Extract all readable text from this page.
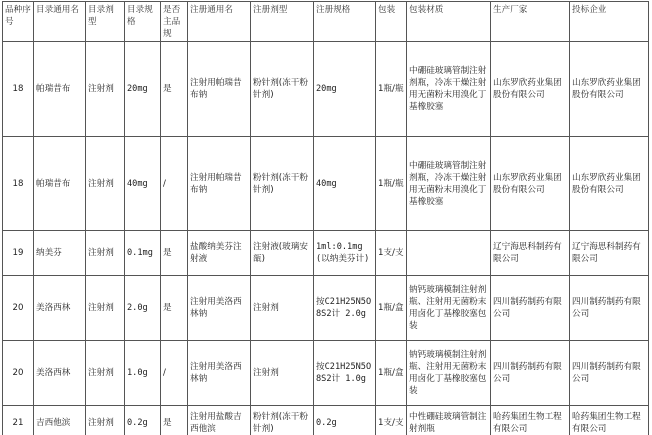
品种序号	目录通用名	目录剂型	目录规格	是否主品规	注册通用名	注册剂型	注册规格	包装	包装材质	生产厂家	投标企业
18	帕瑞昔布	注射剂	20mg	是	注射用帕瑞昔布钠	粉针剂(冻干粉针剂)	20mg	1瓶/瓶	中硼硅玻璃管制注射剂瓶，冷冻干燥注射用无菌粉末用溴化丁基橡胶塞	山东罗欣药业集团股份有限公司	山东罗欣药业集团股份有限公司
18	帕瑞昔布	注射剂	40mg	/	注射用帕瑞昔布钠	粉针剂(冻干粉针剂)	40mg	1瓶/瓶	中硼硅玻璃管制注射剂瓶，冷冻干燥注射用无菌粉末用溴化丁基橡胶塞	山东罗欣药业集团股份有限公司	山东罗欣药业集团股份有限公司
19	纳美芬	注射剂	0.1mg	是	盐酸纳美芬注射液	注射液(玻璃安瓿)	1ml:0.1mg(以纳美芬计)	1支/支		辽宁海思科制药有限公司	辽宁海思科制药有限公司
20	美洛西林	注射剂	2.0g	是	注射用美洛西林钠	注射剂	按C21H25N5O8S2计 2.0g	1瓶/盒	钠钙玻璃模制注射剂瓶、注射用无菌粉末用卤化丁基橡胶塞包装	四川制药制药有限公司	四川制药制药有限公司
20	美洛西林	注射剂	1.0g	/	注射用美洛西林钠	注射剂	按C21H25N5O8S2计 1.0g	1瓶/盒	钠钙玻璃模制注射剂瓶、注射用无菌粉末用卤化丁基橡胶塞包装	四川制药制药有限公司	四川制药制药有限公司
21	吉西他滨	注射剂	0.2g	是	注射用盐酸吉西他滨	粉针剂(冻干粉针剂)	0.2g	1支/支	中性硼硅玻璃管制注射剂瓶	哈药集团生物工程有限公司	哈药集团生物工程有限公司
